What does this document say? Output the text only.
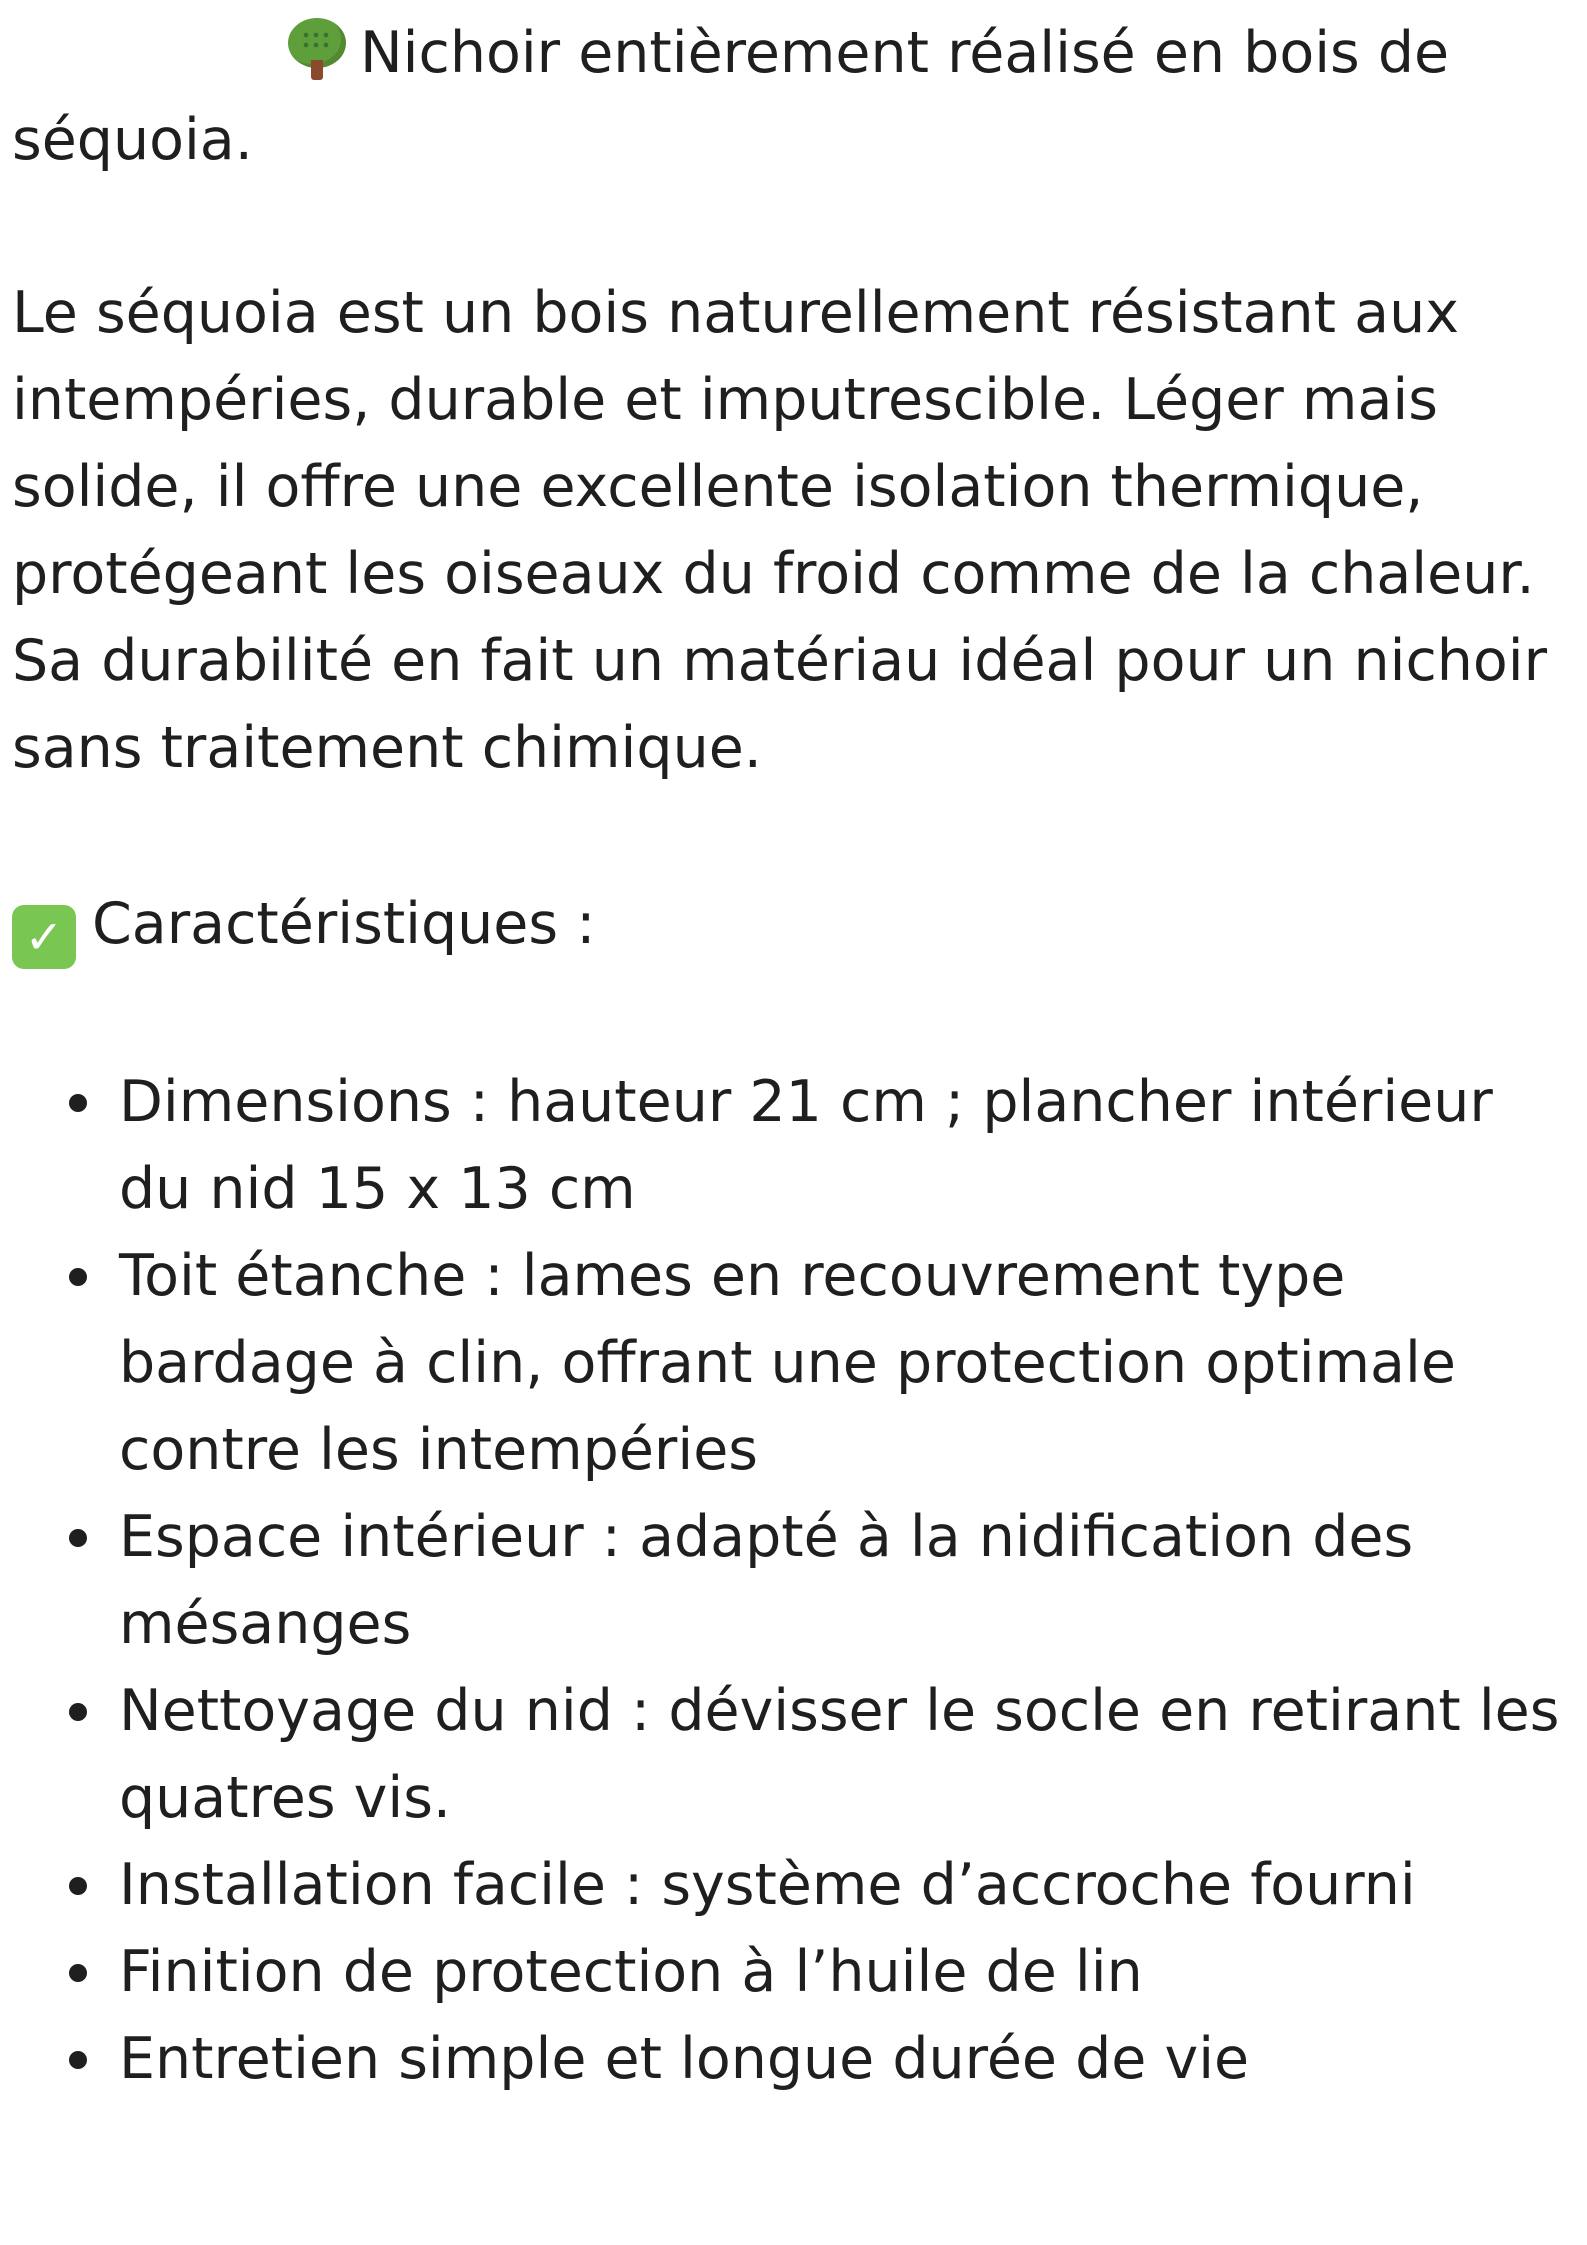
Nichoir entièrement réalisé en bois de séquoia.

Le séquoia est un bois naturellement résistant aux intempéries, durable et imputrescible. Léger mais solide, il offre une excellente isolation thermique, protégeant les oiseaux du froid comme de la chaleur. Sa durabilité en fait un matériau idéal pour un nichoir sans traitement chimique.

✓ Caractéristiques :

Dimensions : hauteur 21 cm ; plancher intérieur du nid 15 x 13 cm
Toit étanche : lames en recouvrement type bardage à clin, offrant une protection optimale contre les intempéries
Espace intérieur : adapté à la nidification des mésanges
Nettoyage du nid : dévisser le socle en retirant les quatres vis.
Installation facile : système d’accroche fourni
Finition de protection à l’huile de lin
Entretien simple et longue durée de vie
